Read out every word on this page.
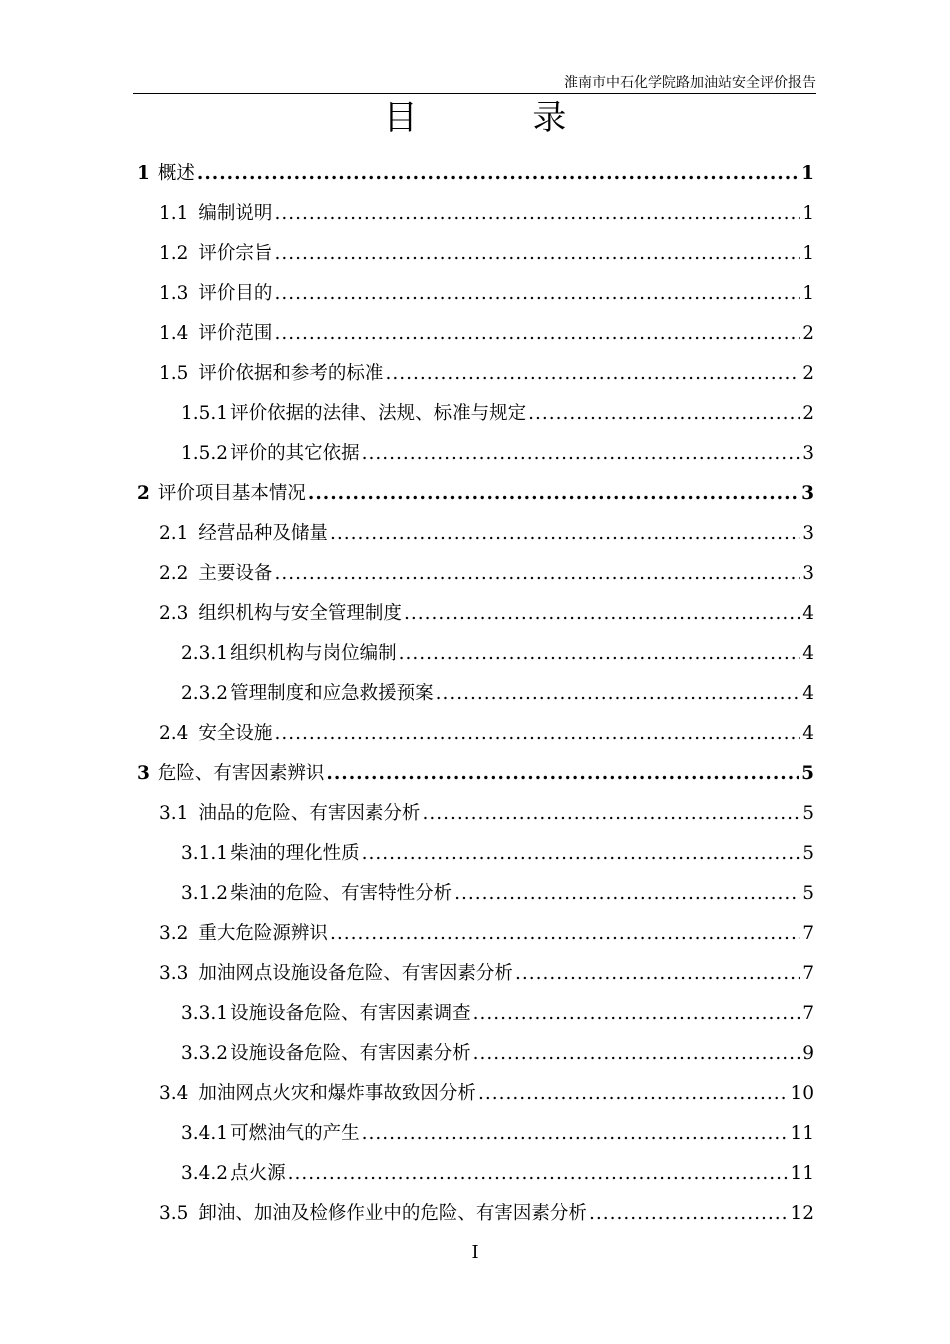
淮南市中石化学院路加油站安全评价报告
目 录
1 概述 .....	1
1.1 编制说明 .....	1
1.2 评价宗旨 .....	1
1.3 评价目的 .....	1
1.4 评价范围 .....	2
1.5 评价依据和参考的标准 .....	2
1.5.1 评价依据的法律、法规、标准与规定 .....	2
1.5.2 评价的其它依据 .....	3
2 评价项目基本情况 .....	3
2.1 经营品种及储量 .....	3
2.2 主要设备 .....	3
2.3 组织机构与安全管理制度 .....	4
2.3.1 组织机构与岗位编制 .....	4
2.3.2 管理制度和应急救援预案 .....	4
2.4 安全设施 .....	4
3 危险、有害因素辨识 .....	5
3.1 油品的危险、有害因素分析 .....	5
3.1.1 柴油的理化性质 .....	5
3.1.2 柴油的危险、有害特性分析 .....	5
3.2 重大危险源辨识 .....	7
3.3 加油网点设施设备危险、有害因素分析 .....	7
3.3.1 设施设备危险、有害因素调查 .....	7
3.3.2 设施设备危险、有害因素分析 .....	9
3.4 加油网点火灾和爆炸事故致因分析 .....	10
3.4.1 可燃油气的产生 .....	11
3.4.2 点火源 .....	11
3.5 卸油、加油及检修作业中的危险、有害因素分析 .....	12
I
